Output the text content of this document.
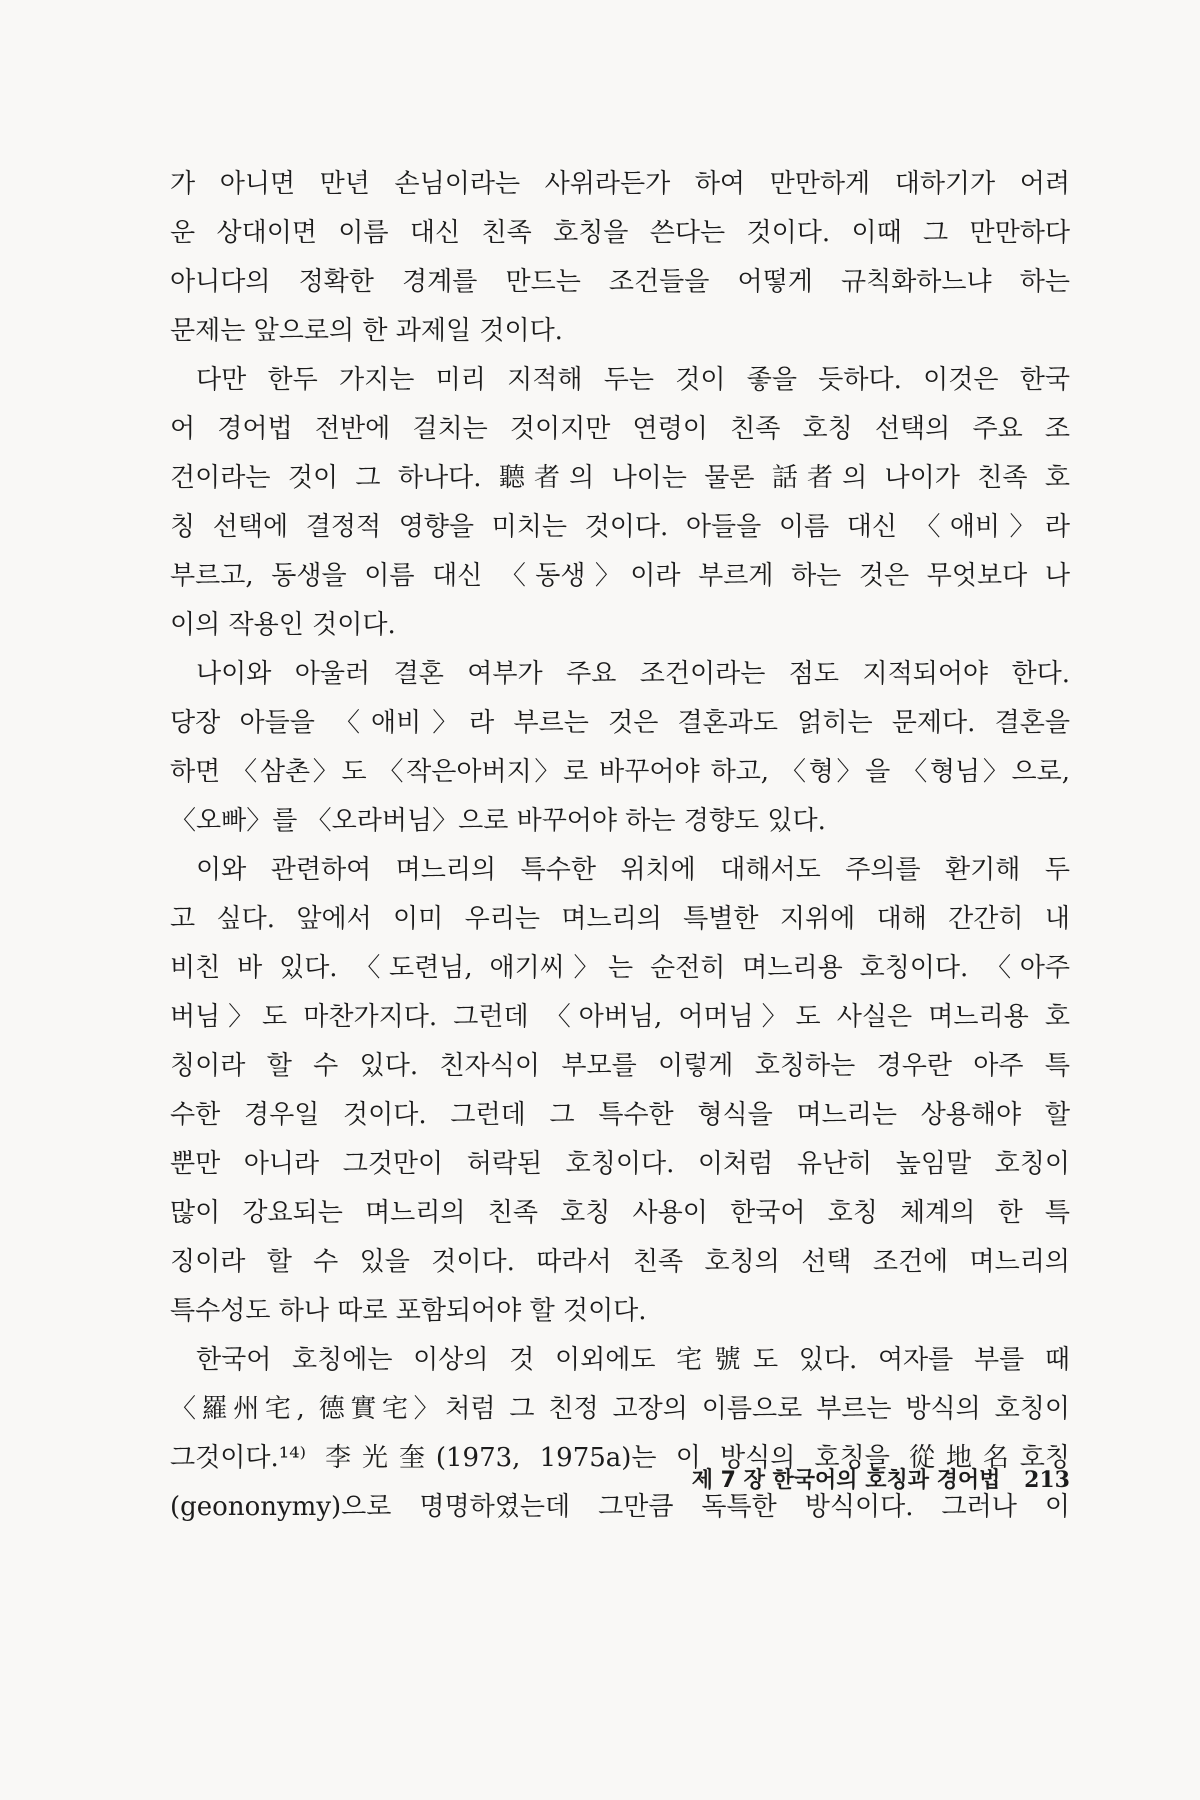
가 아니면 만년 손님이라는 사위라든가 하여 만만하게 대하기가 어려
운 상대이면 이름 대신 친족 호칭을 쓴다는 것이다. 이때 그 만만하다
아니다의 정확한 경계를 만드는 조건들을 어떻게 규칙화하느냐 하는
문제는 앞으로의 한 과제일 것이다.
다만 한두 가지는 미리 지적해 두는 것이 좋을 듯하다. 이것은 한국
어 경어법 전반에 걸치는 것이지만 연령이 친족 호칭 선택의 주요 조
건이라는 것이 그 하나다. 聽者의 나이는 물론 話者의 나이가 친족 호
칭 선택에 결정적 영향을 미치는 것이다. 아들을 이름 대신 〈애비〉라
부르고, 동생을 이름 대신 〈동생〉이라 부르게 하는 것은 무엇보다 나
이의 작용인 것이다.
나이와 아울러 결혼 여부가 주요 조건이라는 점도 지적되어야 한다.
당장 아들을 〈애비〉라 부르는 것은 결혼과도 얽히는 문제다. 결혼을
하면 〈삼촌〉도 〈작은아버지〉로 바꾸어야 하고, 〈형〉을 〈형님〉으로,
〈오빠〉를 〈오라버님〉으로 바꾸어야 하는 경향도 있다.
이와 관련하여 며느리의 특수한 위치에 대해서도 주의를 환기해 두
고 싶다. 앞에서 이미 우리는 며느리의 특별한 지위에 대해 간간히 내
비친 바 있다. 〈도련님, 애기씨〉는 순전히 며느리용 호칭이다. 〈아주
버님〉도 마찬가지다. 그런데 〈아버님, 어머님〉도 사실은 며느리용 호
칭이라 할 수 있다. 친자식이 부모를 이렇게 호칭하는 경우란 아주 특
수한 경우일 것이다. 그런데 그 특수한 형식을 며느리는 상용해야 할
뿐만 아니라 그것만이 허락된 호칭이다. 이처럼 유난히 높임말 호칭이
많이 강요되는 며느리의 친족 호칭 사용이 한국어 호칭 체계의 한 특
징이라 할 수 있을 것이다. 따라서 친족 호칭의 선택 조건에 며느리의
특수성도 하나 따로 포함되어야 할 것이다.
한국어 호칭에는 이상의 것 이외에도 宅號도 있다. 여자를 부를 때
〈羅州宅, 德實宅〉처럼 그 친정 고장의 이름으로 부르는 방식의 호칭이
그것이다.¹⁴⁾ 李光奎(1973, 1975a)는 이 방식의 호칭을 從地名호칭
(geononymy)으로 명명하였는데 그만큼 독특한 방식이다. 그러나 이
제 7 장 한국어의 호칭과 경어법 213
